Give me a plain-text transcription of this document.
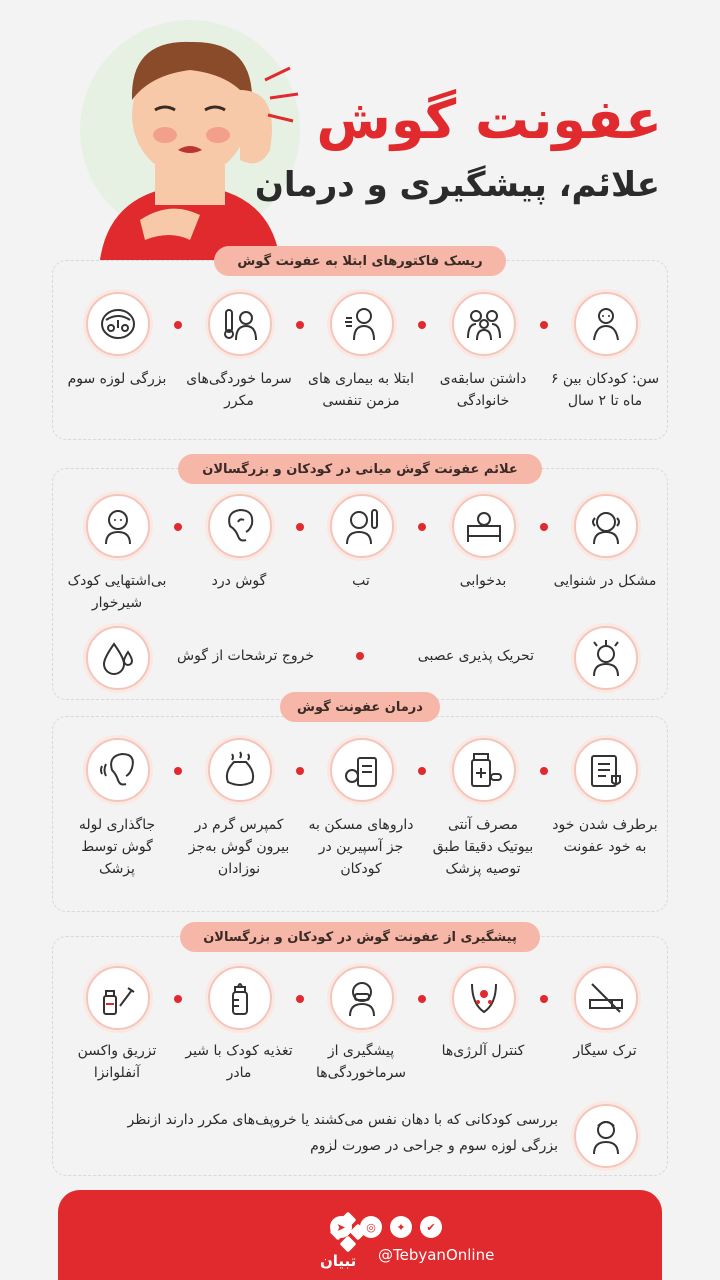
عفونت گوش
علائم، پیشگیری و درمان
ریسک فاکتورهای ابتلا به عفونت گوش
سن: کودکان بین ۶ ماه تا ۲ سال
داشتن سابقه‌ی خانوادگی
ابتلا به بیماری های مزمن تنفسی
سرما خوردگی‌های مکرر
بزرگی لوزه سوم
علائم عفونت گوش میانی در کودکان و بزرگسالان
مشکل در شنوایی
بدخوابی
تب
گوش درد
بی‌اشتهایی کودک شیرخوار
تحریک پذیری عصبی
خروج ترشحات از گوش
درمان عفونت گوش
برطرف شدن خود به خود عفونت
مصرف آنتی بیوتیک دقیقا طبق توصیه پزشک
داروهای مسکن به جز آسپیرین در کودکان
کمپرس گرم در بیرون گوش به‌جز نوزادان
جاگذاری لوله گوش توسط پزشک
پیشگیری از عفونت گوش در کودکان و بزرگسالان
ترک سیگار
کنترل آلرژی‌ها
پیشگیری از سرماخوردگی‌ها
تغذیه کودک با شیر مادر
تزریق واکسن آنفلوانزا
بررسی کودکانی که با دهان نفس می‌کشند یا خروپف‌های مکرر دارند ازنظر
بزرگی لوزه سوم و جراحی در صورت لزوم
تبیان
➤	◎	✦	✔
@TebyanOnline
